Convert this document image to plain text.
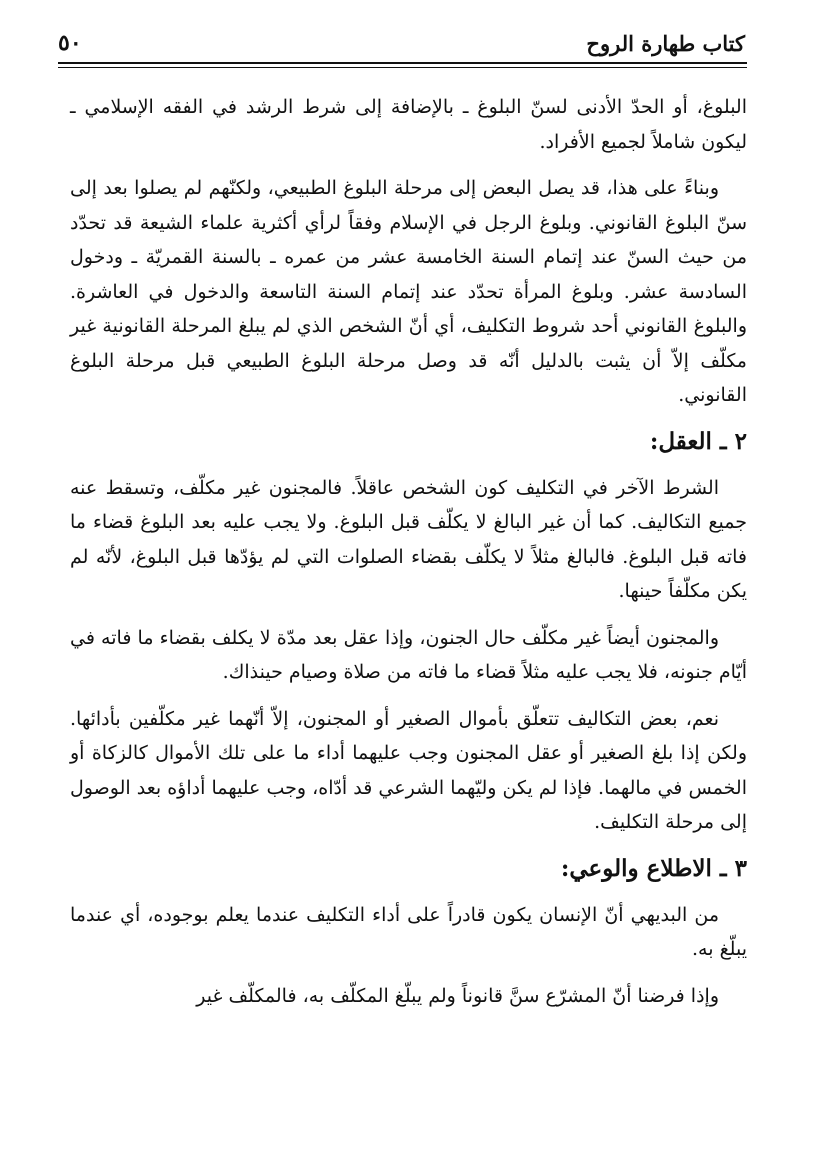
٥٠	كتاب طهارة الروح

البلوغ، أو الحدّ الأدنى لسنّ البلوغ ـ بالإضافة إلى شرط الرشد في الفقه الإسلامي ـ ليكون شاملاً لجميع الأفراد.

وبناءً على هذا، قد يصل البعض إلى مرحلة البلوغ الطبيعي، ولكنّهم لم يصلوا بعد إلى سنّ البلوغ القانوني. وبلوغ الرجل في الإسلام وفقاً لرأي أكثرية علماء الشيعة قد تحدّد من حيث السنّ عند إتمام السنة الخامسة عشر من عمره ـ بالسنة القمريّة ـ ودخول السادسة عشر. وبلوغ المرأة تحدّد عند إتمام السنة التاسعة والدخول في العاشرة. والبلوغ القانوني أحد شروط التكليف، أي أنّ الشخص الذي لم يبلغ المرحلة القانونية غير مكلّف إلاّ أن يثبت بالدليل أنّه قد وصل مرحلة البلوغ الطبيعي قبل مرحلة البلوغ القانوني.

٢ ـ العقل:

الشرط الآخر في التكليف كون الشخص عاقلاً. فالمجنون غير مكلّف، وتسقط عنه جميع التكاليف. كما أن غير البالغ لا يكلّف قبل البلوغ. ولا يجب عليه بعد البلوغ قضاء ما فاته قبل البلوغ. فالبالغ مثلاً لا يكلّف بقضاء الصلوات التي لم يؤدّها قبل البلوغ، لأنّه لم يكن مكلّفاً حينها.

والمجنون أيضاً غير مكلّف حال الجنون، وإذا عقل بعد مدّة لا يكلف بقضاء ما فاته في أيّام جنونه، فلا يجب عليه مثلاً قضاء ما فاته من صلاة وصيام حينذاك.

نعم، بعض التكاليف تتعلّق بأموال الصغير أو المجنون، إلاّ أنّهما غير مكلّفين بأدائها. ولكن إذا بلغ الصغير أو عقل المجنون وجب عليهما أداء ما على تلك الأموال كالزكاة أو الخمس في مالهما. فإذا لم يكن وليّهما الشرعي قد أدّاه، وجب عليهما أداؤه بعد الوصول إلى مرحلة التكليف.

٣ ـ الاطلاع والوعي:

من البديهي أنّ الإنسان يكون قادراً على أداء التكليف عندما يعلم بوجوده، أي عندما يبلّغ به.

وإذا فرضنا أنّ المشرّع سنَّ قانوناً ولم يبلّغ المكلّف به، فالمكلّف غير
